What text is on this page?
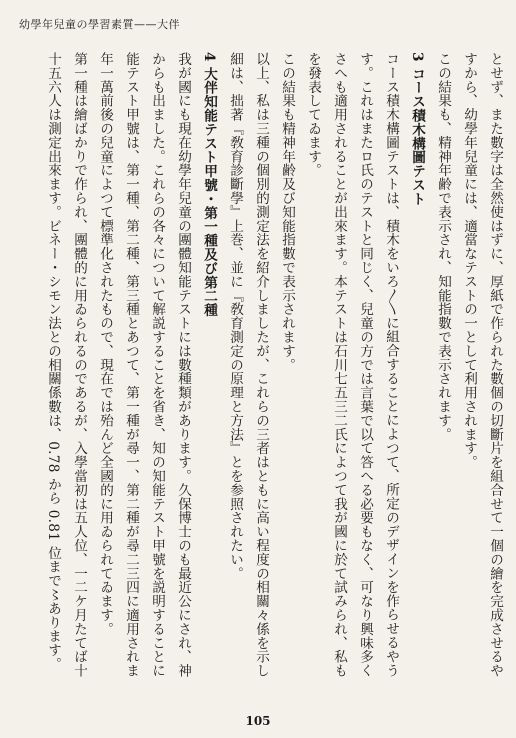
幼學年兒童の學習素質——大伴
とせず、また數字は全然使はずに、厚紙で作られた數個の切斷片を組合せて一個の繪を完成させるや
すから、幼學年兒童には、適當なテストの一として利用されます。
この結果も、精神年齢で表示され、知能指數で表示されます。
3 コース積木構圖テスト
コース積木構圖テストは、積木をいろ〳〵に組合することによつて、所定のデザインを作らせるやう
す。これはまたロ氏のテストと同じく、兒童の方では言葉で以て答へる必要もなく、可なり興味多く
さへも適用されることが出來ます。本テストは石川七五三二氏によつて我が國に於て試みられ、私も
を發表してゐます。
この結果も精神年齢及び知能指數で表示されます。
以上、私は三種の個別的測定法を紹介しましたが、これらの三者はともに高い程度の相關々係を示し
細は、拙著『敎育診斷學』上巻、並に『敎育測定の原理と方法』とを参照されたい。
4 大伴知能テスト甲號・第一種及び第二種
我が國にも現在幼學年兒童の團體知能テストには數種類があります。久保博士のも最近公にされ、神
からも出ました。これらの各々について解説することを省き、知の知能テスト甲號を説明することに
能テスト甲號は、第一種、第二種、第三種とあつて、第一種が尋一、第二種が尋二三四に適用されま
年一萬前後の兒童によつて標準化されたもので、現在では殆んど全國的に用ゐられてゐます。
第一種は繪ばかりで作られ、團體的に用ゐられるのであるが、入學當初は五人位、一二ケ月たてば十
十五六人は測定出來ます。ビネー・シモン法との相關係數は、0.78 から 0.81 位まで〻あります。
105
